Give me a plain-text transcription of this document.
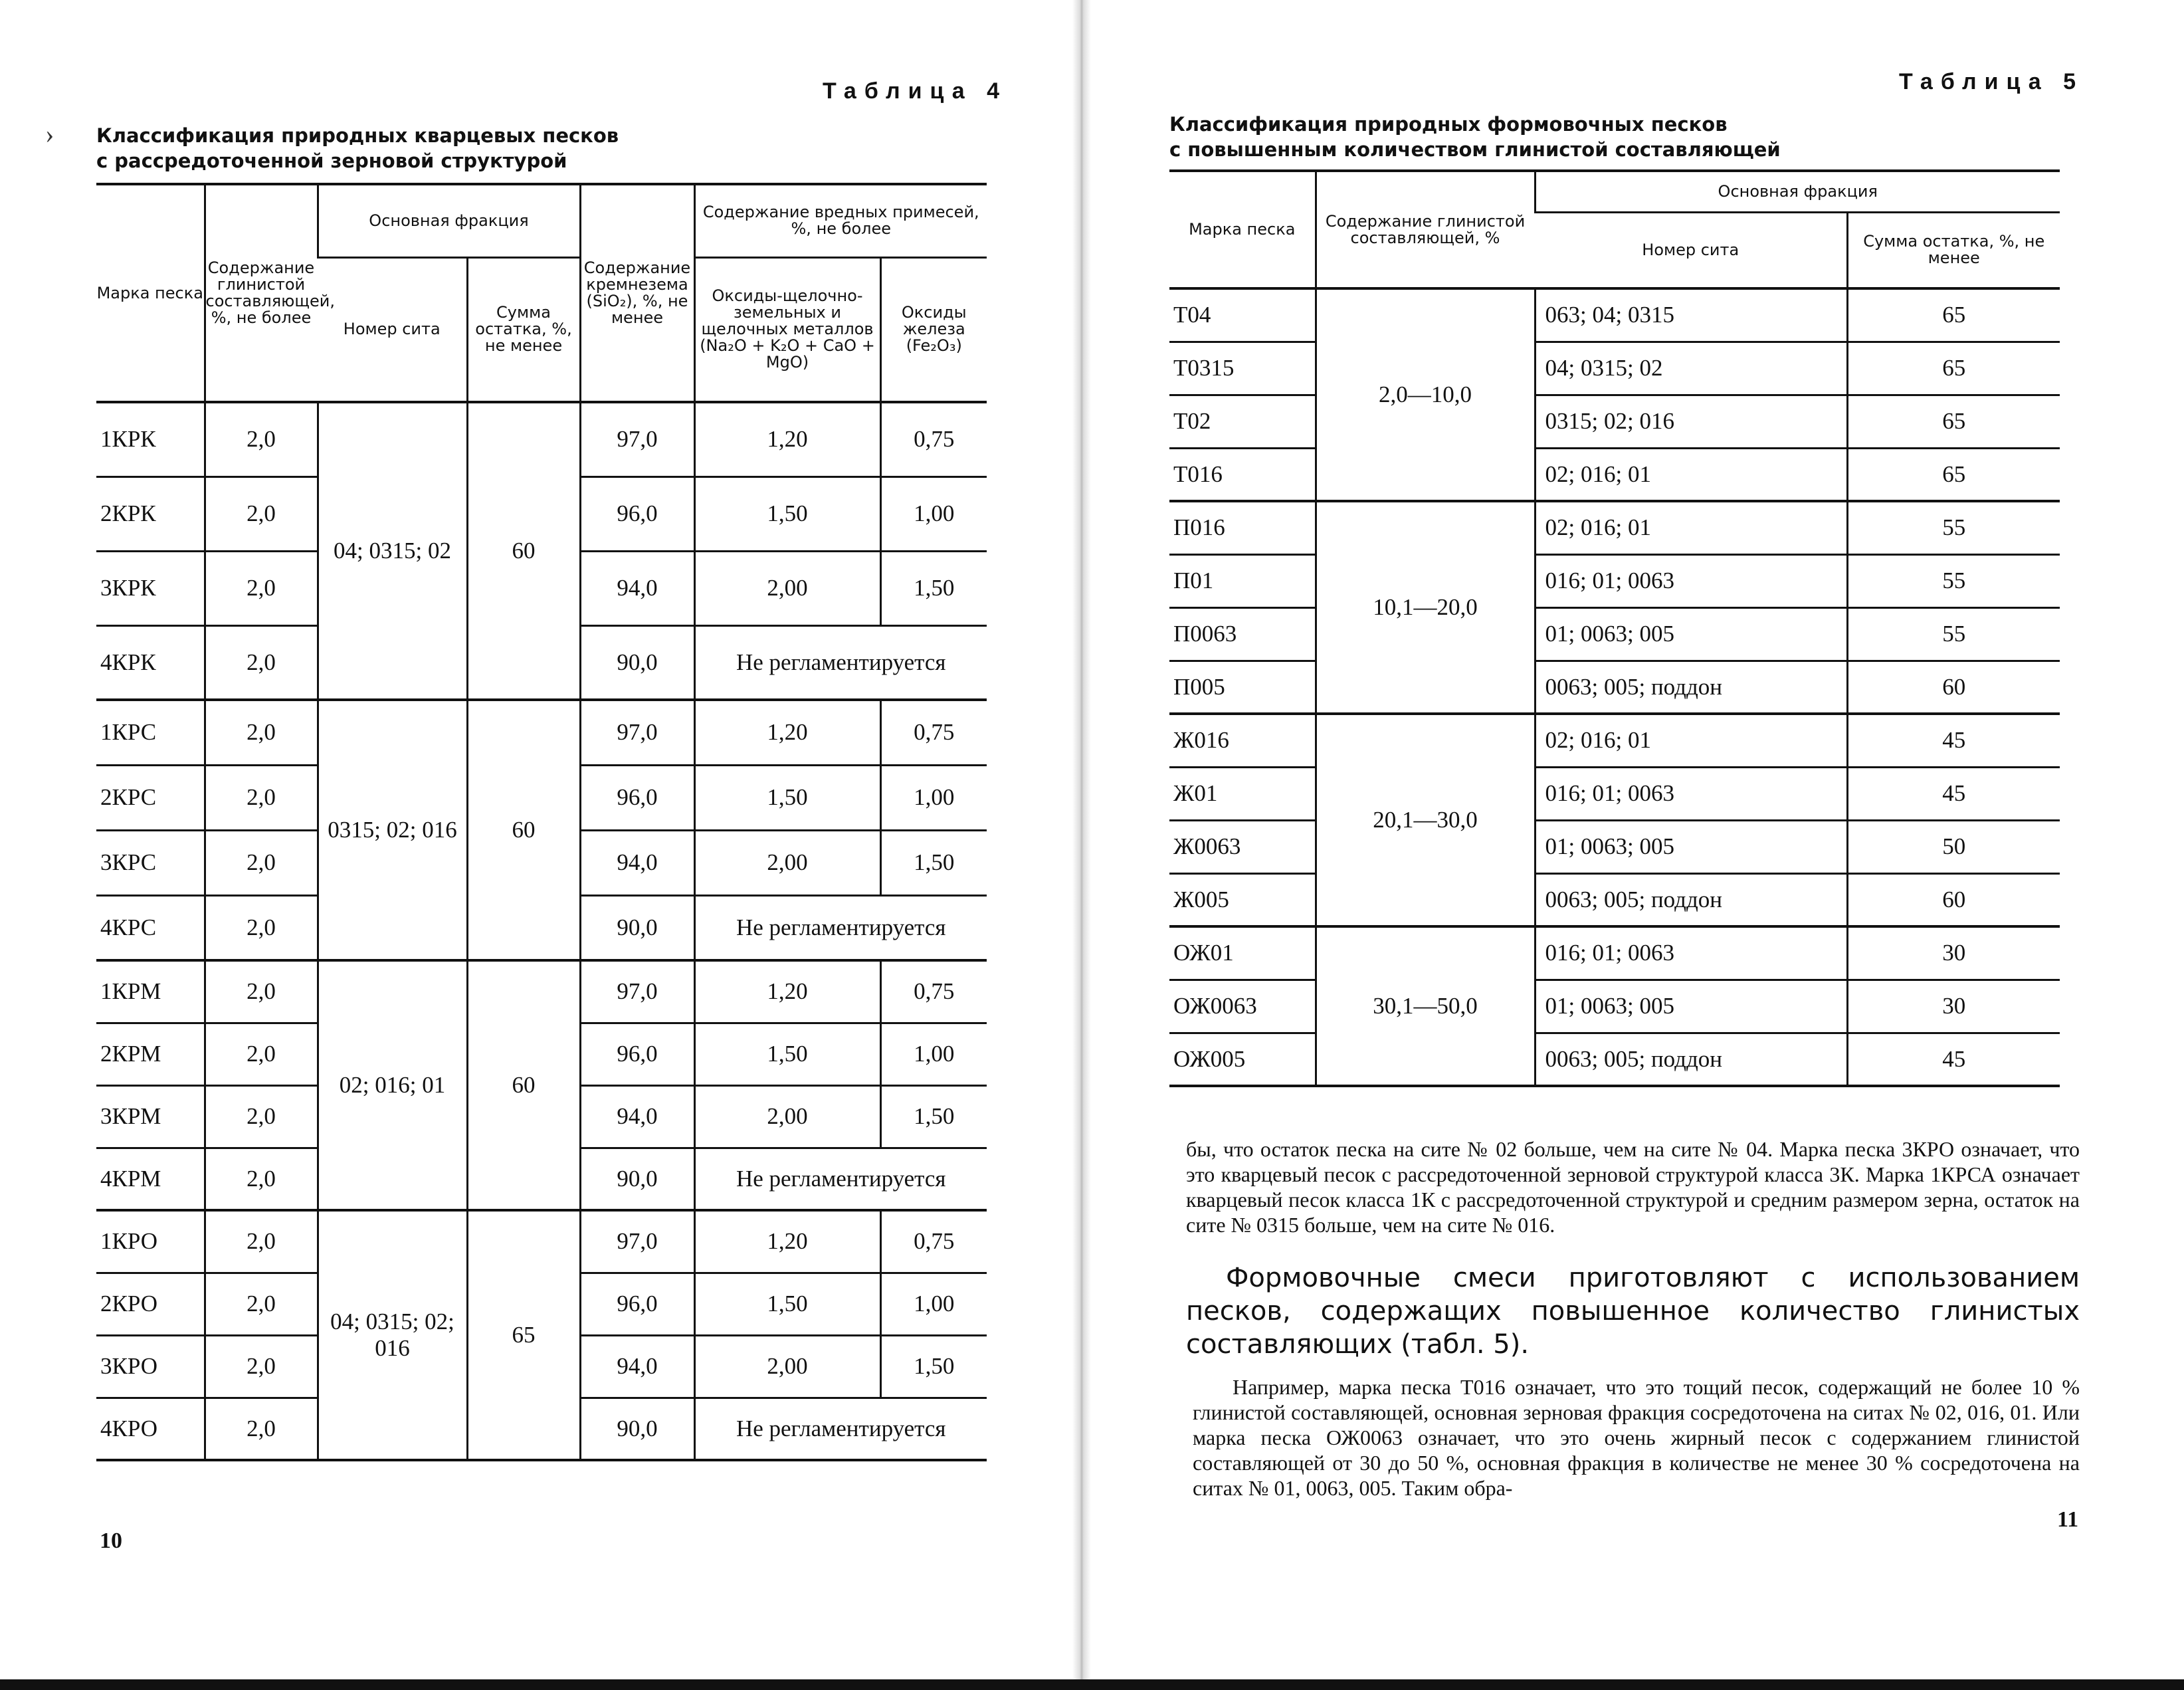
Таблица 4
Классификация природных кварцевых песков
с рассредоточенной зерновой структурой
Марка песка	Содержание глинистой составляющей, %, не более	Основная фракция		Содержание кремнезема (SiO₂), %, не менее	Содержание вредных примесей, %, не более	
		Номер сита	Сумма остатка, %, не менее		Оксиды-щелочно-земельных и щелочных металлов (Na₂O + K₂O + CaO + MgO)	Оксиды железа (Fe₂O₃)
1КРК	2,0	04; 0315; 02	60	97,0	1,20	0,75
2КРК	2,0			96,0	1,50	1,00
3КРК	2,0			94,0	2,00	1,50
4КРК	2,0			90,0	Не регламентируется	
1КРС	2,0	0315; 02; 016	60	97,0	1,20	0,75
2КРС	2,0			96,0	1,50	1,00
3КРС	2,0			94,0	2,00	1,50
4КРС	2,0			90,0	Не регламентируется	
1КРМ	2,0	02; 016; 01	60	97,0	1,20	0,75
2КРМ	2,0			96,0	1,50	1,00
3КРМ	2,0			94,0	2,00	1,50
4КРМ	2,0			90,0	Не регламентируется	
1КРО	2,0	04; 0315; 02; 016	65	97,0	1,20	0,75
2КРО	2,0			96,0	1,50	1,00
3КРО	2,0			94,0	2,00	1,50
4КРО	2,0			90,0	Не регламентируется	
10
›
Таблица 5
Классификация природных формовочных песков
с повышенным количеством глинистой составляющей
11
Марка песка	Содержание глинистой составляющей, %	Основная фракция	
		Номер сита	Сумма остатка, %, не менее
Т04	2,0—10,0	063; 04; 0315	65
Т0315		04; 0315; 02	65
Т02		0315; 02; 016	65
Т016		02; 016; 01	65
П016	10,1—20,0	02; 016; 01	55
П01		016; 01; 0063	55
П0063		01; 0063; 005	55
П005		0063; 005; поддон	60
Ж016	20,1—30,0	02; 016; 01	45
Ж01		016; 01; 0063	45
Ж0063		01; 0063; 005	50
Ж005		0063; 005; поддон	60
ОЖ01	30,1—50,0	016; 01; 0063	30
ОЖ0063		01; 0063; 005	30
ОЖ005		0063; 005; поддон	45
бы, что остаток песка на сите № 02 больше, чем на сите № 04. Марка песка 3КРО означает, что это кварцевый песок с рассредоточенной зерновой структурой класса 3К. Марка 1КРСА означает кварцевый песок класса 1К с рассредоточенной структурой и средним размером зерна, остаток на сите № 0315 больше, чем на сите № 016.
Формовочные смеси приготовляют с использованием песков, содержащих повышенное количество глинистых составляющих (табл. 5).
Например, марка песка Т016 означает, что это тощий песок, содержащий не более 10 % глинистой составляющей, основная зерновая фракция сосредоточена на ситах № 02, 016, 01. Или марка песка ОЖ0063 означает, что это очень жирный песок с содержанием глинистой составляющей от 30 до 50 %, основная фракция в количестве не менее 30 % сосредоточена на ситах № 01, 0063, 005. Таким обра-
